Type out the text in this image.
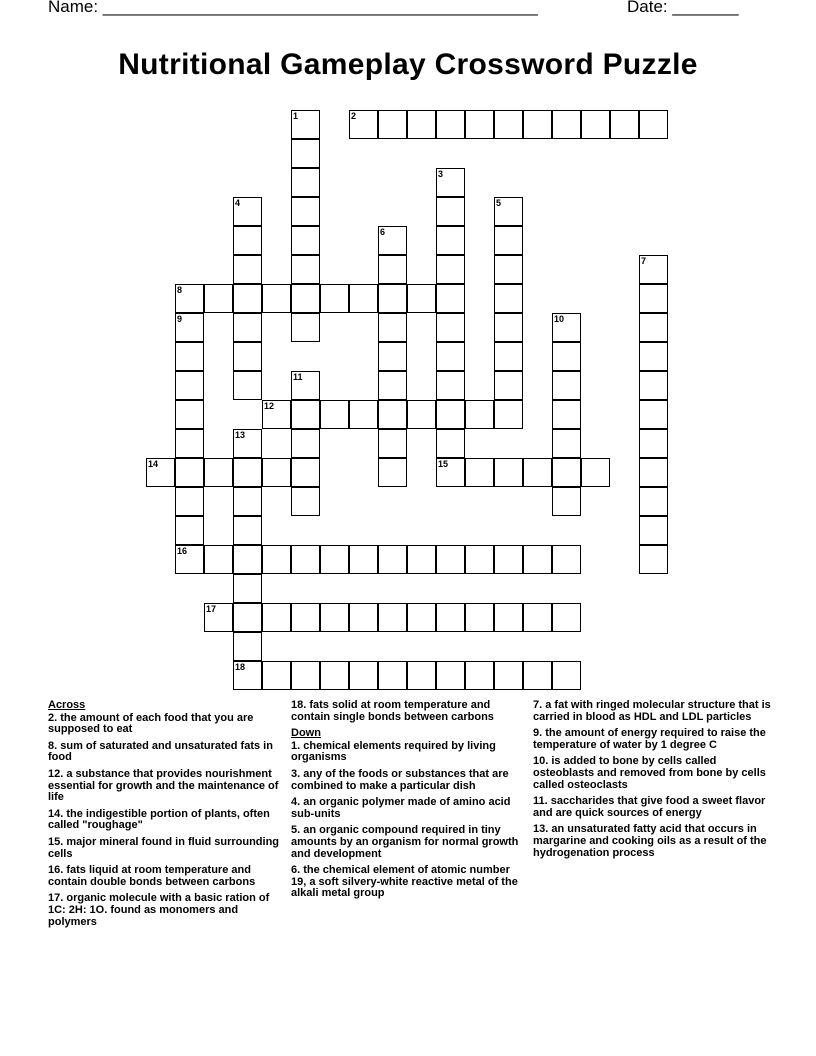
Name: ______________________________________________	Date: _______
Nutritional Gameplay Crossword Puzzle
2
8
12
14	15
16
17
18
1
3
4	5
6
7
9	10
11
13
Across
2. the amount of each food that you are supposed to eat
8. sum of saturated and unsaturated fats in food
12. a substance that provides nourishment essential for growth and the maintenance of life
14. the indigestible portion of plants, often called "roughage"
15. major mineral found in fluid surrounding cells
16. fats liquid at room temperature and contain double bonds between carbons
17. organic molecule with a basic ration of 1C: 2H: 1O. found as monomers and polymers
18. fats solid at room temperature and contain single bonds between carbons
Down
1. chemical elements required by living organisms
3. any of the foods or substances that are combined to make a particular dish
4. an organic polymer made of amino acid sub-units
5. an organic compound required in tiny amounts by an organism for normal growth and development
6. the chemical element of atomic number 19, a soft silvery-white reactive metal of the alkali metal group
7. a fat with ringed molecular structure that is carried in blood as HDL and LDL particles
9. the amount of energy required to raise the temperature of water by 1 degree C
10. is added to bone by cells called osteoblasts and removed from bone by cells called osteoclasts
11. saccharides that give food a sweet flavor and are quick sources of energy
13. an unsaturated fatty acid that occurs in margarine and cooking oils as a result of the hydrogenation process
